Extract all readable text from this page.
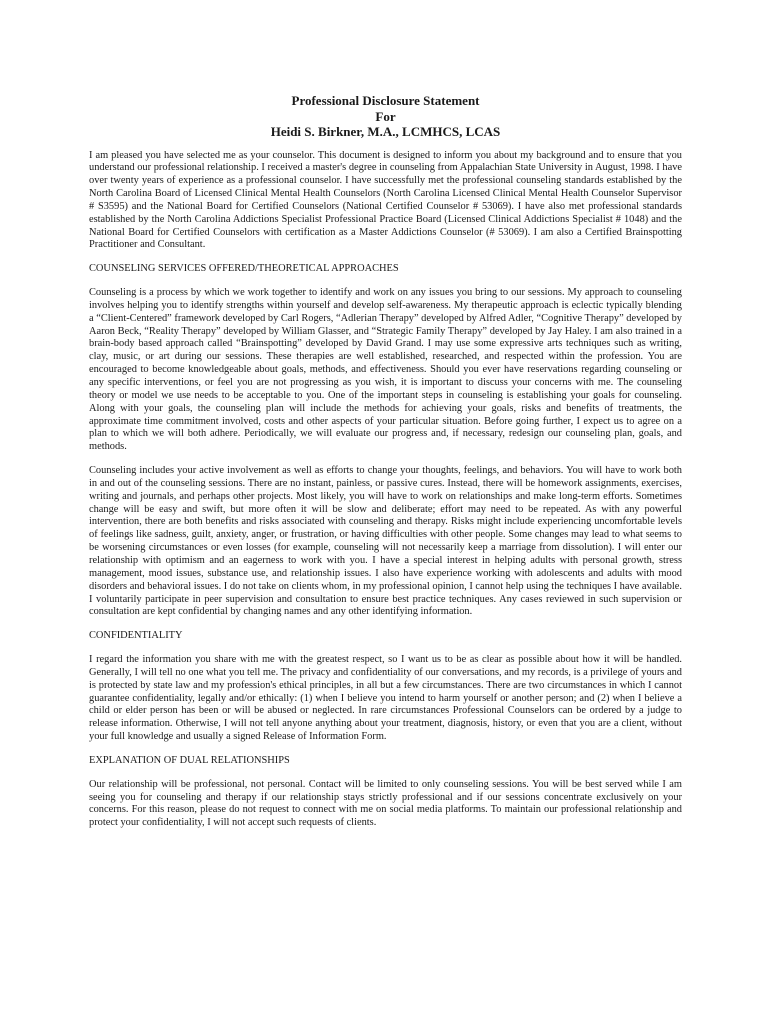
Professional Disclosure Statement
For
Heidi S. Birkner, M.A., LCMHCS, LCAS

I am pleased you have selected me as your counselor. This document is designed to inform you about my background and to ensure that you understand our professional relationship. I received a master's degree in counseling from Appalachian State University in August, 1998. I have over twenty years of experience as a professional counselor. I have successfully met the professional counseling standards established by the North Carolina Board of Licensed Clinical Mental Health Counselors (North Carolina Licensed Clinical Mental Health Counselor Supervisor # S3595) and the National Board for Certified Counselors (National Certified Counselor # 53069). I have also met professional standards established by the North Carolina Addictions Specialist Professional Practice Board (Licensed Clinical Addictions Specialist # 1048) and the National Board for Certified Counselors with certification as a Master Addictions Counselor (# 53069). I am also a Certified Brainspotting Practitioner and Consultant.

COUNSELING SERVICES OFFERED/THEORETICAL APPROACHES

Counseling is a process by which we work together to identify and work on any issues you bring to our sessions. My approach to counseling involves helping you to identify strengths within yourself and develop self-awareness. My therapeutic approach is eclectic typically blending a “Client-Centered” framework developed by Carl Rogers, “Adlerian Therapy” developed by Alfred Adler, “Cognitive Therapy” developed by Aaron Beck, “Reality Therapy” developed by William Glasser, and “Strategic Family Therapy” developed by Jay Haley. I am also trained in a brain-body based approach called “Brainspotting” developed by David Grand. I may use some expressive arts techniques such as writing, clay, music, or art during our sessions. These therapies are well established, researched, and respected within the profession. You are encouraged to become knowledgeable about goals, methods, and effectiveness. Should you ever have reservations regarding counseling or any specific interventions, or feel you are not progressing as you wish, it is important to discuss your concerns with me. The counseling theory or model we use needs to be acceptable to you. One of the important steps in counseling is establishing your goals for counseling. Along with your goals, the counseling plan will include the methods for achieving your goals, risks and benefits of treatments, the approximate time commitment involved, costs and other aspects of your particular situation. Before going further, I expect us to agree on a plan to which we will both adhere. Periodically, we will evaluate our progress and, if necessary, redesign our counseling plan, goals, and methods.

Counseling includes your active involvement as well as efforts to change your thoughts, feelings, and behaviors. You will have to work both in and out of the counseling sessions. There are no instant, painless, or passive cures. Instead, there will be homework assignments, exercises, writing and journals, and perhaps other projects. Most likely, you will have to work on relationships and make long-term efforts. Sometimes change will be easy and swift, but more often it will be slow and deliberate; effort may need to be repeated. As with any powerful intervention, there are both benefits and risks associated with counseling and therapy. Risks might include experiencing uncomfortable levels of feelings like sadness, guilt, anxiety, anger, or frustration, or having difficulties with other people. Some changes may lead to what seems to be worsening circumstances or even losses (for example, counseling will not necessarily keep a marriage from dissolution). I will enter our relationship with optimism and an eagerness to work with you. I have a special interest in helping adults with personal growth, stress management, mood issues, substance use, and relationship issues. I also have experience working with adolescents and adults with mood disorders and behavioral issues. I do not take on clients whom, in my professional opinion, I cannot help using the techniques I have available. I voluntarily participate in peer supervision and consultation to ensure best practice techniques. Any cases reviewed in such supervision or consultation are kept confidential by changing names and any other identifying information.

CONFIDENTIALITY

I regard the information you share with me with the greatest respect, so I want us to be as clear as possible about how it will be handled. Generally, I will tell no one what you tell me. The privacy and confidentiality of our conversations, and my records, is a privilege of yours and is protected by state law and my profession's ethical principles, in all but a few circumstances. There are two circumstances in which I cannot guarantee confidentiality, legally and/or ethically: (1) when I believe you intend to harm yourself or another person; and (2) when I believe a child or elder person has been or will be abused or neglected. In rare circumstances Professional Counselors can be ordered by a judge to release information. Otherwise, I will not tell anyone anything about your treatment, diagnosis, history, or even that you are a client, without your full knowledge and usually a signed Release of Information Form.

EXPLANATION OF DUAL RELATIONSHIPS

Our relationship will be professional, not personal. Contact will be limited to only counseling sessions. You will be best served while I am seeing you for counseling and therapy if our relationship stays strictly professional and if our sessions concentrate exclusively on your concerns. For this reason, please do not request to connect with me on social media platforms. To maintain our professional relationship and protect your confidentiality, I will not accept such requests of clients.
